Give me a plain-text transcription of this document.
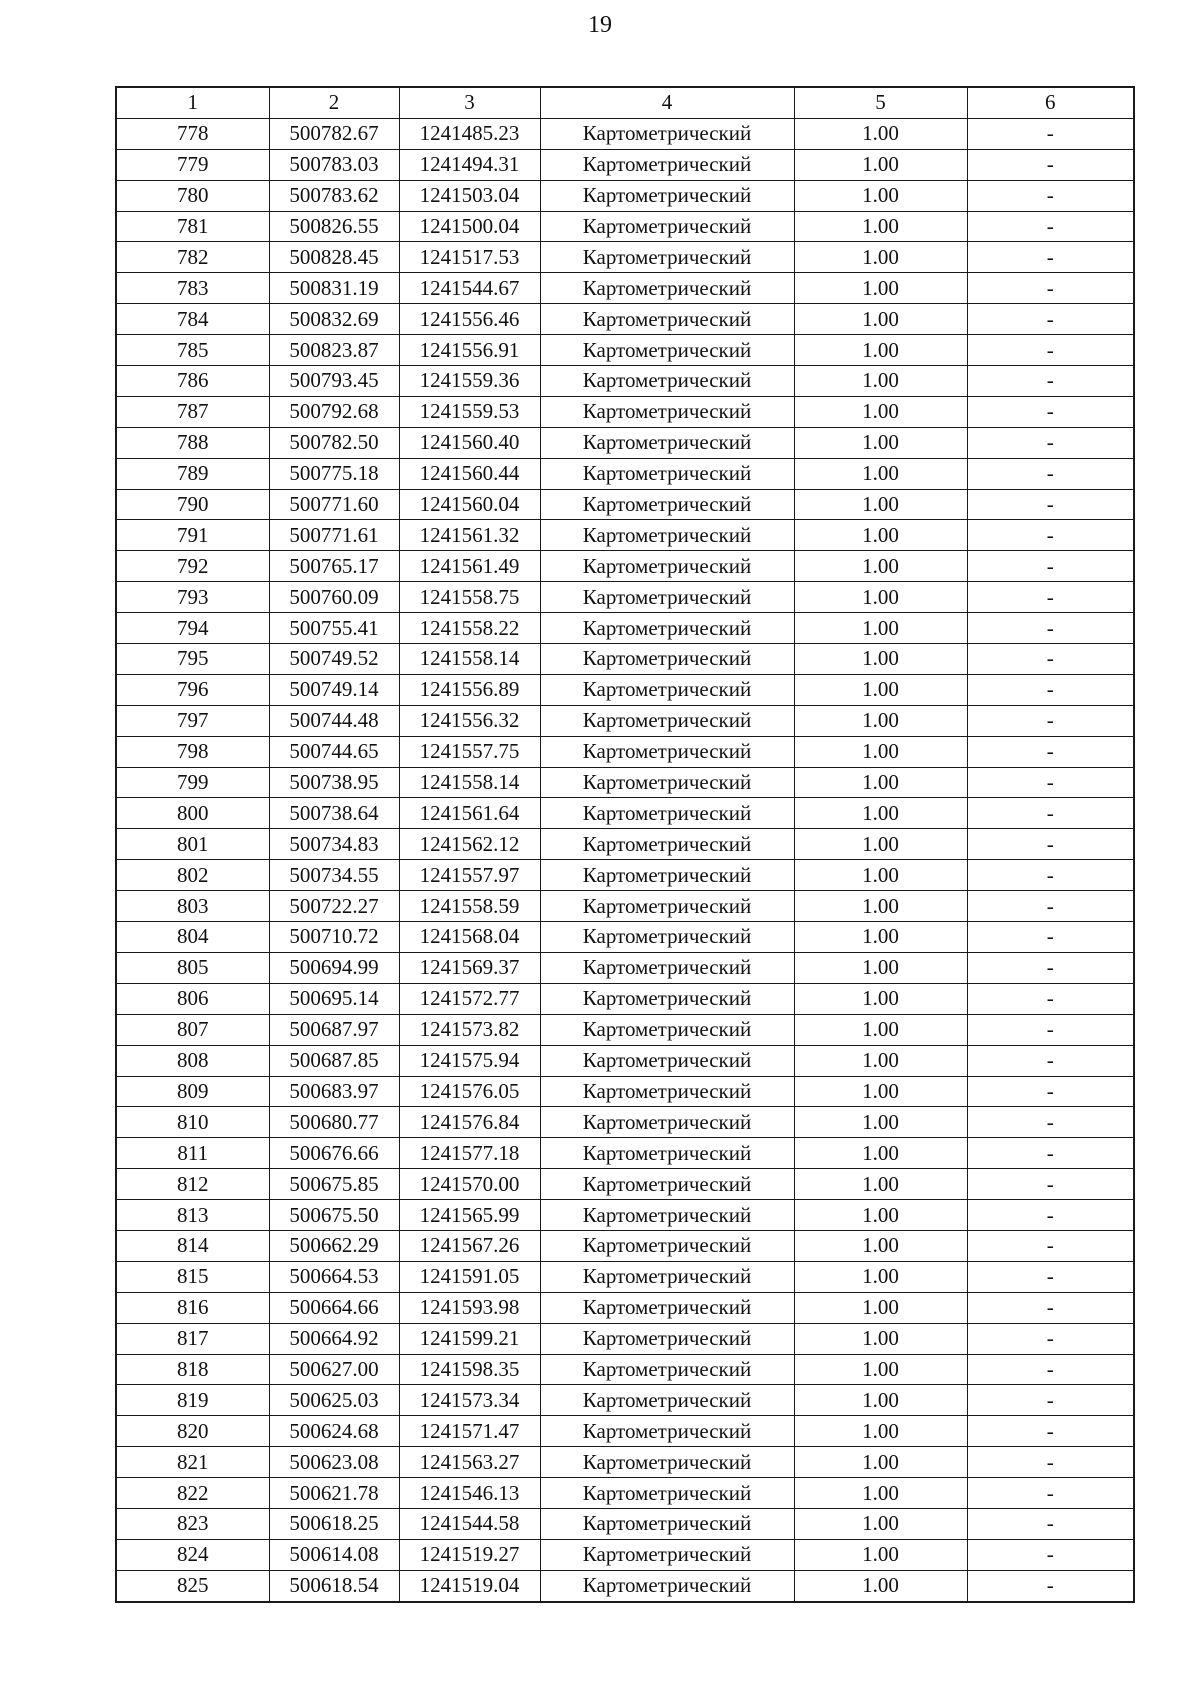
19
1	2	3	4	5	6
778	500782.67	1241485.23	Картометрический	1.00	-
779	500783.03	1241494.31	Картометрический	1.00	-
780	500783.62	1241503.04	Картометрический	1.00	-
781	500826.55	1241500.04	Картометрический	1.00	-
782	500828.45	1241517.53	Картометрический	1.00	-
783	500831.19	1241544.67	Картометрический	1.00	-
784	500832.69	1241556.46	Картометрический	1.00	-
785	500823.87	1241556.91	Картометрический	1.00	-
786	500793.45	1241559.36	Картометрический	1.00	-
787	500792.68	1241559.53	Картометрический	1.00	-
788	500782.50	1241560.40	Картометрический	1.00	-
789	500775.18	1241560.44	Картометрический	1.00	-
790	500771.60	1241560.04	Картометрический	1.00	-
791	500771.61	1241561.32	Картометрический	1.00	-
792	500765.17	1241561.49	Картометрический	1.00	-
793	500760.09	1241558.75	Картометрический	1.00	-
794	500755.41	1241558.22	Картометрический	1.00	-
795	500749.52	1241558.14	Картометрический	1.00	-
796	500749.14	1241556.89	Картометрический	1.00	-
797	500744.48	1241556.32	Картометрический	1.00	-
798	500744.65	1241557.75	Картометрический	1.00	-
799	500738.95	1241558.14	Картометрический	1.00	-
800	500738.64	1241561.64	Картометрический	1.00	-
801	500734.83	1241562.12	Картометрический	1.00	-
802	500734.55	1241557.97	Картометрический	1.00	-
803	500722.27	1241558.59	Картометрический	1.00	-
804	500710.72	1241568.04	Картометрический	1.00	-
805	500694.99	1241569.37	Картометрический	1.00	-
806	500695.14	1241572.77	Картометрический	1.00	-
807	500687.97	1241573.82	Картометрический	1.00	-
808	500687.85	1241575.94	Картометрический	1.00	-
809	500683.97	1241576.05	Картометрический	1.00	-
810	500680.77	1241576.84	Картометрический	1.00	-
811	500676.66	1241577.18	Картометрический	1.00	-
812	500675.85	1241570.00	Картометрический	1.00	-
813	500675.50	1241565.99	Картометрический	1.00	-
814	500662.29	1241567.26	Картометрический	1.00	-
815	500664.53	1241591.05	Картометрический	1.00	-
816	500664.66	1241593.98	Картометрический	1.00	-
817	500664.92	1241599.21	Картометрический	1.00	-
818	500627.00	1241598.35	Картометрический	1.00	-
819	500625.03	1241573.34	Картометрический	1.00	-
820	500624.68	1241571.47	Картометрический	1.00	-
821	500623.08	1241563.27	Картометрический	1.00	-
822	500621.78	1241546.13	Картометрический	1.00	-
823	500618.25	1241544.58	Картометрический	1.00	-
824	500614.08	1241519.27	Картометрический	1.00	-
825	500618.54	1241519.04	Картометрический	1.00	-
